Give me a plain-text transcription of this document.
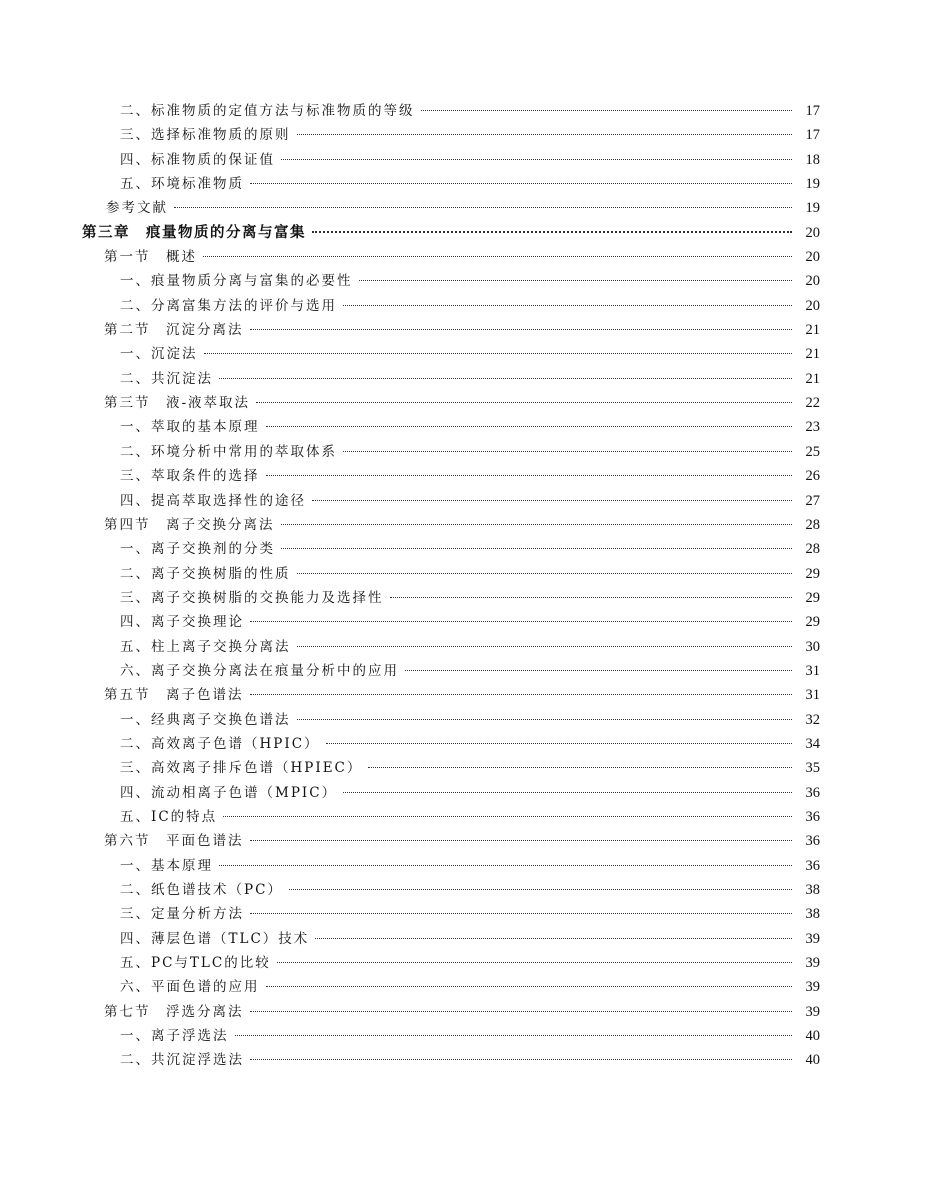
二、标准物质的定值方法与标准物质的等级	17
三、选择标准物质的原则	17
四、标准物质的保证值	18
五、环境标准物质	19
参考文献	19
第三章　痕量物质的分离与富集	20
第一节　概述	20
一、痕量物质分离与富集的必要性	20
二、分离富集方法的评价与选用	20
第二节　沉淀分离法	21
一、沉淀法	21
二、共沉淀法	21
第三节　液-液萃取法	22
一、萃取的基本原理	23
二、环境分析中常用的萃取体系	25
三、萃取条件的选择	26
四、提高萃取选择性的途径	27
第四节　离子交换分离法	28
一、离子交换剂的分类	28
二、离子交换树脂的性质	29
三、离子交换树脂的交换能力及选择性	29
四、离子交换理论	29
五、柱上离子交换分离法	30
六、离子交换分离法在痕量分析中的应用	31
第五节　离子色谱法	31
一、经典离子交换色谱法	32
二、高效离子色谱（HPIC）	34
三、高效离子排斥色谱（HPIEC）	35
四、流动相离子色谱（MPIC）	36
五、IC的特点	36
第六节　平面色谱法	36
一、基本原理	36
二、纸色谱技术（PC）	38
三、定量分析方法	38
四、薄层色谱（TLC）技术	39
五、PC与TLC的比较	39
六、平面色谱的应用	39
第七节　浮选分离法	39
一、离子浮选法	40
二、共沉淀浮选法	40
